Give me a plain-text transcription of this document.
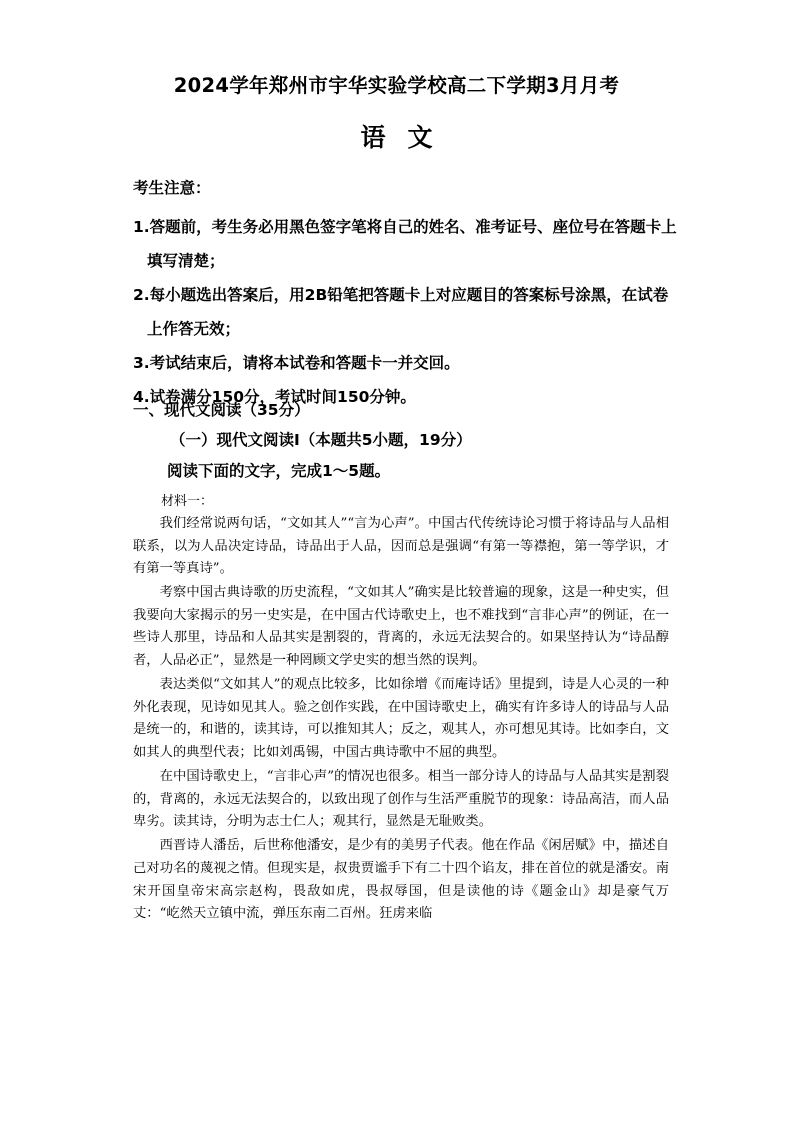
2024学年郑州市宇华实验学校高二下学期3月月考
语文
考生注意：
1.答题前，考生务必用黑色签字笔将自己的姓名、准考证号、座位号在答题卡上填写清楚；
2.每小题选出答案后，用2B铅笔把答题卡上对应题目的答案标号涂黑，在试卷上作答无效；
3.考试结束后，请将本试卷和答题卡一并交回。
4.试卷满分150分，考试时间150分钟。
一、现代文阅读（35分）
（一）现代文阅读Ⅰ（本题共5小题，19分）
阅读下面的文字，完成1～5题。
材料一：

我们经常说两句话，“文如其人”“言为心声”。中国古代传统诗论习惯于将诗品与人品相联系，以为人品决定诗品，诗品出于人品，因而总是强调“有第一等襟抱，第一等学识，才有第一等真诗”。

考察中国古典诗歌的历史流程，“文如其人”确实是比较普遍的现象，这是一种史实，但我要向大家揭示的另一史实是，在中国古代诗歌史上，也不难找到“言非心声”的例证，在一些诗人那里，诗品和人品其实是割裂的，背离的，永远无法契合的。如果坚持认为“诗品醇者，人品必正”，显然是一种罔顾文学史实的想当然的误判。

表达类似“文如其人”的观点比较多，比如徐增《而庵诗话》里提到，诗是人心灵的一种外化表现，见诗如见其人。验之创作实践，在中国诗歌史上，确实有许多诗人的诗品与人品是统一的，和谐的，读其诗，可以推知其人；反之，观其人，亦可想见其诗。比如李白，文如其人的典型代表；比如刘禹锡，中国古典诗歌中不屈的典型。

在中国诗歌史上，“言非心声”的情况也很多。相当一部分诗人的诗品与人品其实是割裂的，背离的，永远无法契合的，以致出现了创作与生活严重脱节的现象：诗品高洁，而人品卑劣。读其诗，分明为志士仁人；观其行，显然是无耻败类。

西晋诗人潘岳，后世称他潘安，是少有的美男子代表。他在作品《闲居赋》中，描述自己对功名的蔑视之情。但现实是，叔贵贾谧手下有二十四个谄友，排在首位的就是潘安。南宋开国皇帝宋高宗赵构，畏敌如虎，畏叔辱国，但是读他的诗《题金山》却是豪气万丈：“屹然天立镇中流，弹压东南二百州。狂虏来临
